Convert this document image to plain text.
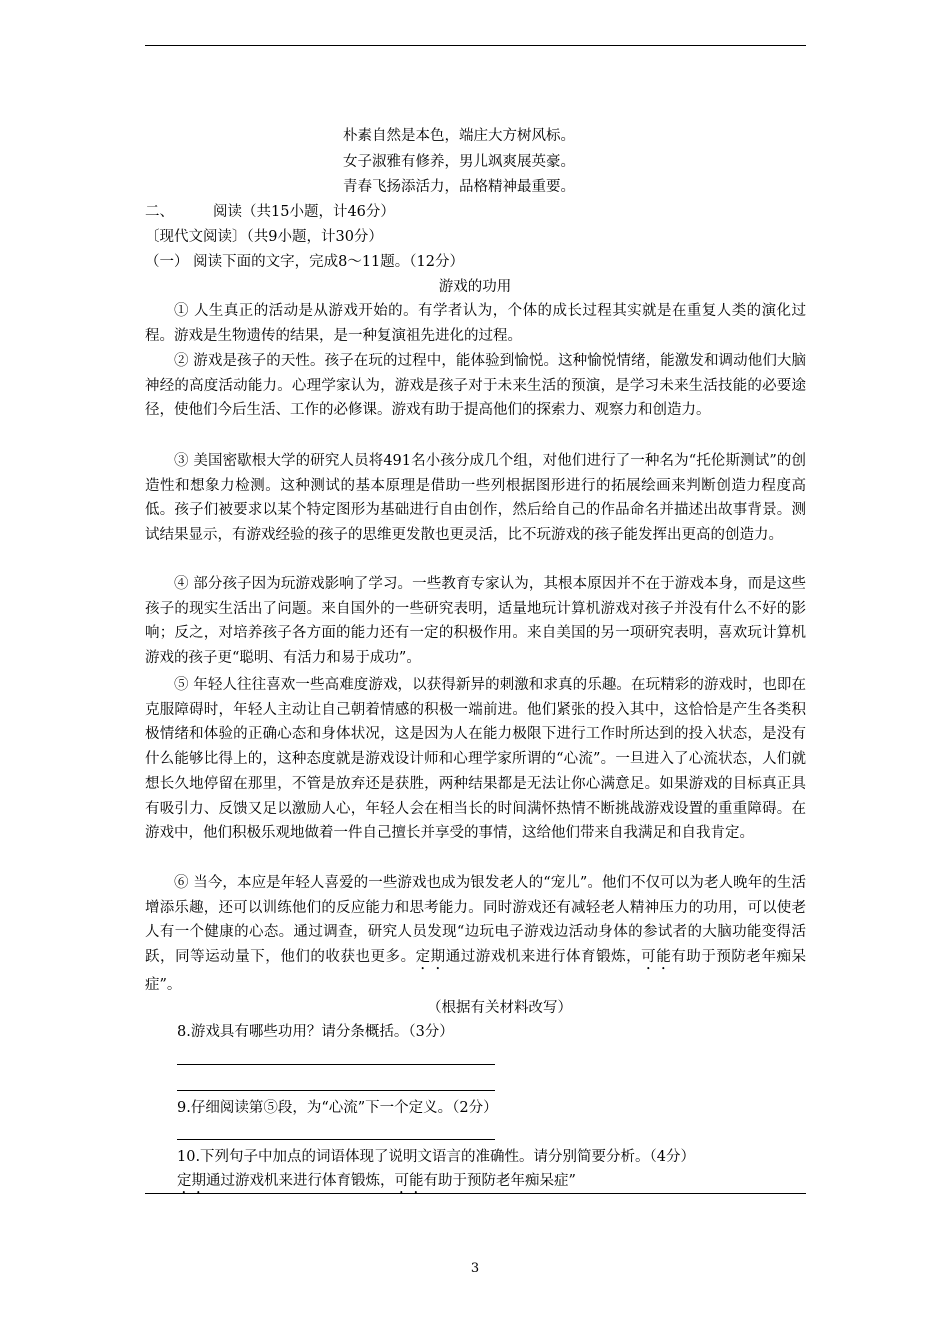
朴素自然是本色，端庄大方树风标。
女子淑雅有修养，男儿飒爽展英豪。
青春飞扬添活力，品格精神最重要。
二、	阅读（共15小题，计46分）
〔现代文阅读〕（共9小题，计30分）
（一） 阅读下面的文字，完成8～11题。（12分）
游戏的功用
① 人生真正的活动是从游戏开始的。有学者认为，个体的成长过程其实就是在重复人类的演化过程。游戏是生物遗传的结果，是一种复演祖先进化的过程。
② 游戏是孩子的天性。孩子在玩的过程中，能体验到愉悦。这种愉悦情绪，能激发和调动他们大脑神经的高度活动能力。心理学家认为，游戏是孩子对于未来生活的预演，是学习未来生活技能的必要途径，使他们今后生活、工作的必修课。游戏有助于提高他们的探索力、观察力和创造力。
③ 美国密歇根大学的研究人员将491名小孩分成几个组，对他们进行了一种名为“托伦斯测试”的创造性和想象力检测。这种测试的基本原理是借助一些列根据图形进行的拓展绘画来判断创造力程度高低。孩子们被要求以某个特定图形为基础进行自由创作，然后给自己的作品命名并描述出故事背景。测试结果显示，有游戏经验的孩子的思维更发散也更灵活，比不玩游戏的孩子能发挥出更高的创造力。
④ 部分孩子因为玩游戏影响了学习。一些教育专家认为，其根本原因并不在于游戏本身，而是这些孩子的现实生活出了问题。来自国外的一些研究表明，适量地玩计算机游戏对孩子并没有什么不好的影响；反之，对培养孩子各方面的能力还有一定的积极作用。来自美国的另一项研究表明，喜欢玩计算机游戏的孩子更“聪明、有活力和易于成功”。
⑤ 年轻人往往喜欢一些高难度游戏，以获得新异的刺激和求真的乐趣。在玩精彩的游戏时，也即在克服障碍时，年轻人主动让自己朝着情感的积极一端前进。他们紧张的投入其中，这恰恰是产生各类积极情绪和体验的正确心态和身体状况，这是因为人在能力极限下进行工作时所达到的投入状态，是没有什么能够比得上的，这种态度就是游戏设计师和心理学家所谓的“心流”。一旦进入了心流状态，人们就想长久地停留在那里，不管是放弃还是获胜，两种结果都是无法让你心满意足。如果游戏的目标真正具有吸引力、反馈又足以激励人心，年轻人会在相当长的时间满怀热情不断挑战游戏设置的重重障碍。在游戏中，他们积极乐观地做着一件自己擅长并享受的事情，这给他们带来自我满足和自我肯定。
⑥ 当今，本应是年轻人喜爱的一些游戏也成为银发老人的“宠儿”。他们不仅可以为老人晚年的生活增添乐趣，还可以训练他们的反应能力和思考能力。同时游戏还有减轻老人精神压力的功用，可以使老人有一个健康的心态。通过调查，研究人员发现“边玩电子游戏边活动身体的参试者的大脑功能变得活跃，同等运动量下，他们的收获也更多。定期通过游戏机来进行体育锻炼，可能有助于预防老年痴呆症”。
（根据有关材料改写）
8.游戏具有哪些功用？请分条概括。（3分）
9.仔细阅读第⑤段，为“心流”下一个定义。（2分）
10.下列句子中加点的词语体现了说明文语言的准确性。请分别简要分析。（4分）
定期通过游戏机来进行体育锻炼，可能有助于预防老年痴呆症”
3
